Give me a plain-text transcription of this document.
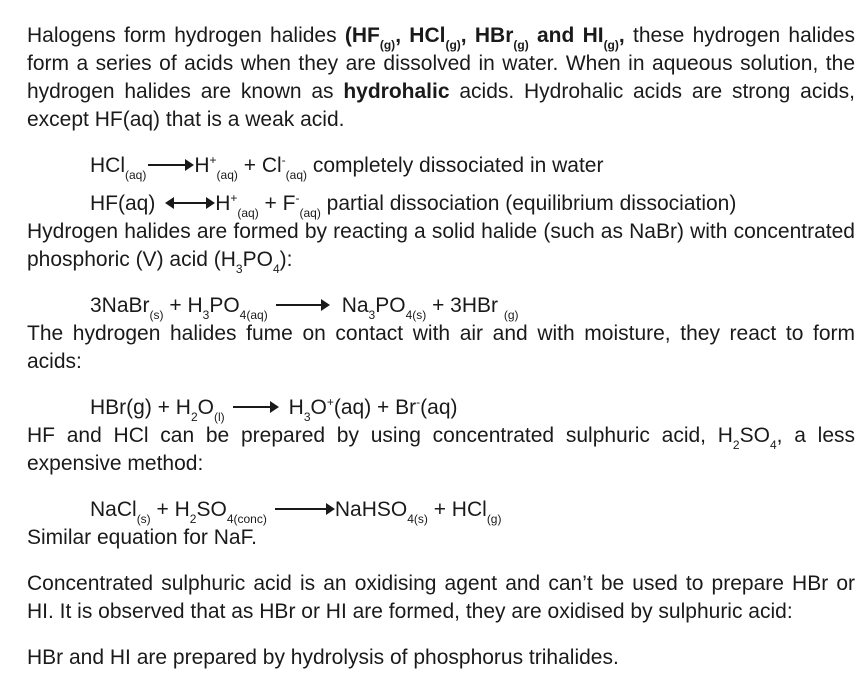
Halogens form hydrogen halides ($HF_{(g)}$, HCl$_{(g)}$, HBr$_{(g)}$ and $HI_{(g)}$, these hydrogen halides form a series of acids when they are dissolved in water. When in aqueous solution, the hydrogen halides are known as hydrohalic acids. Hydrohalic acids are strong acids, except HF(aq) that is a weak acid.

HCl$_{(aq)}$ $H^+_{(aq)} + Cl^-_{(aq)}$ completely dissociated in water

HF(aq)	$H^+_{(aq)} + F^-_{(aq)}$ partial dissociation (equilibrium dissociation)

Hydrogen halides are formed by reacting a solid halide (such as NaBr) with concentrated phosphoric (V) acid $(H_3PO_4)$:

3NaBr$_{(s)}$ + $H_3PO_{4(aq)}$	$Na_3PO_{4(s)} + 3HBr$ $_{(g)}$

The hydrogen halides fume on contact with air and with moisture, they react to form acids:

$HBr(g) + H_2O_{(l)}$	$H_3O^+(aq) + Br^-(aq)$

HF and HCl can be prepared by using concentrated sulphuric acid, $H_2SO_4$, a less expensive method:

NaCl$_{(s)}$ + $H_2SO_{4(conc)}$	NaHSO$_{4(s)}$ + HCl$_{(g)}$

Similar equation for NaF.

Concentrated sulphuric acid is an oxidising agent and can’t be used to prepare HBr or HI. It is observed that as HBr or HI are formed, they are oxidised by sulphuric acid:

HBr and HI are prepared by hydrolysis of phosphorus trihalides.
